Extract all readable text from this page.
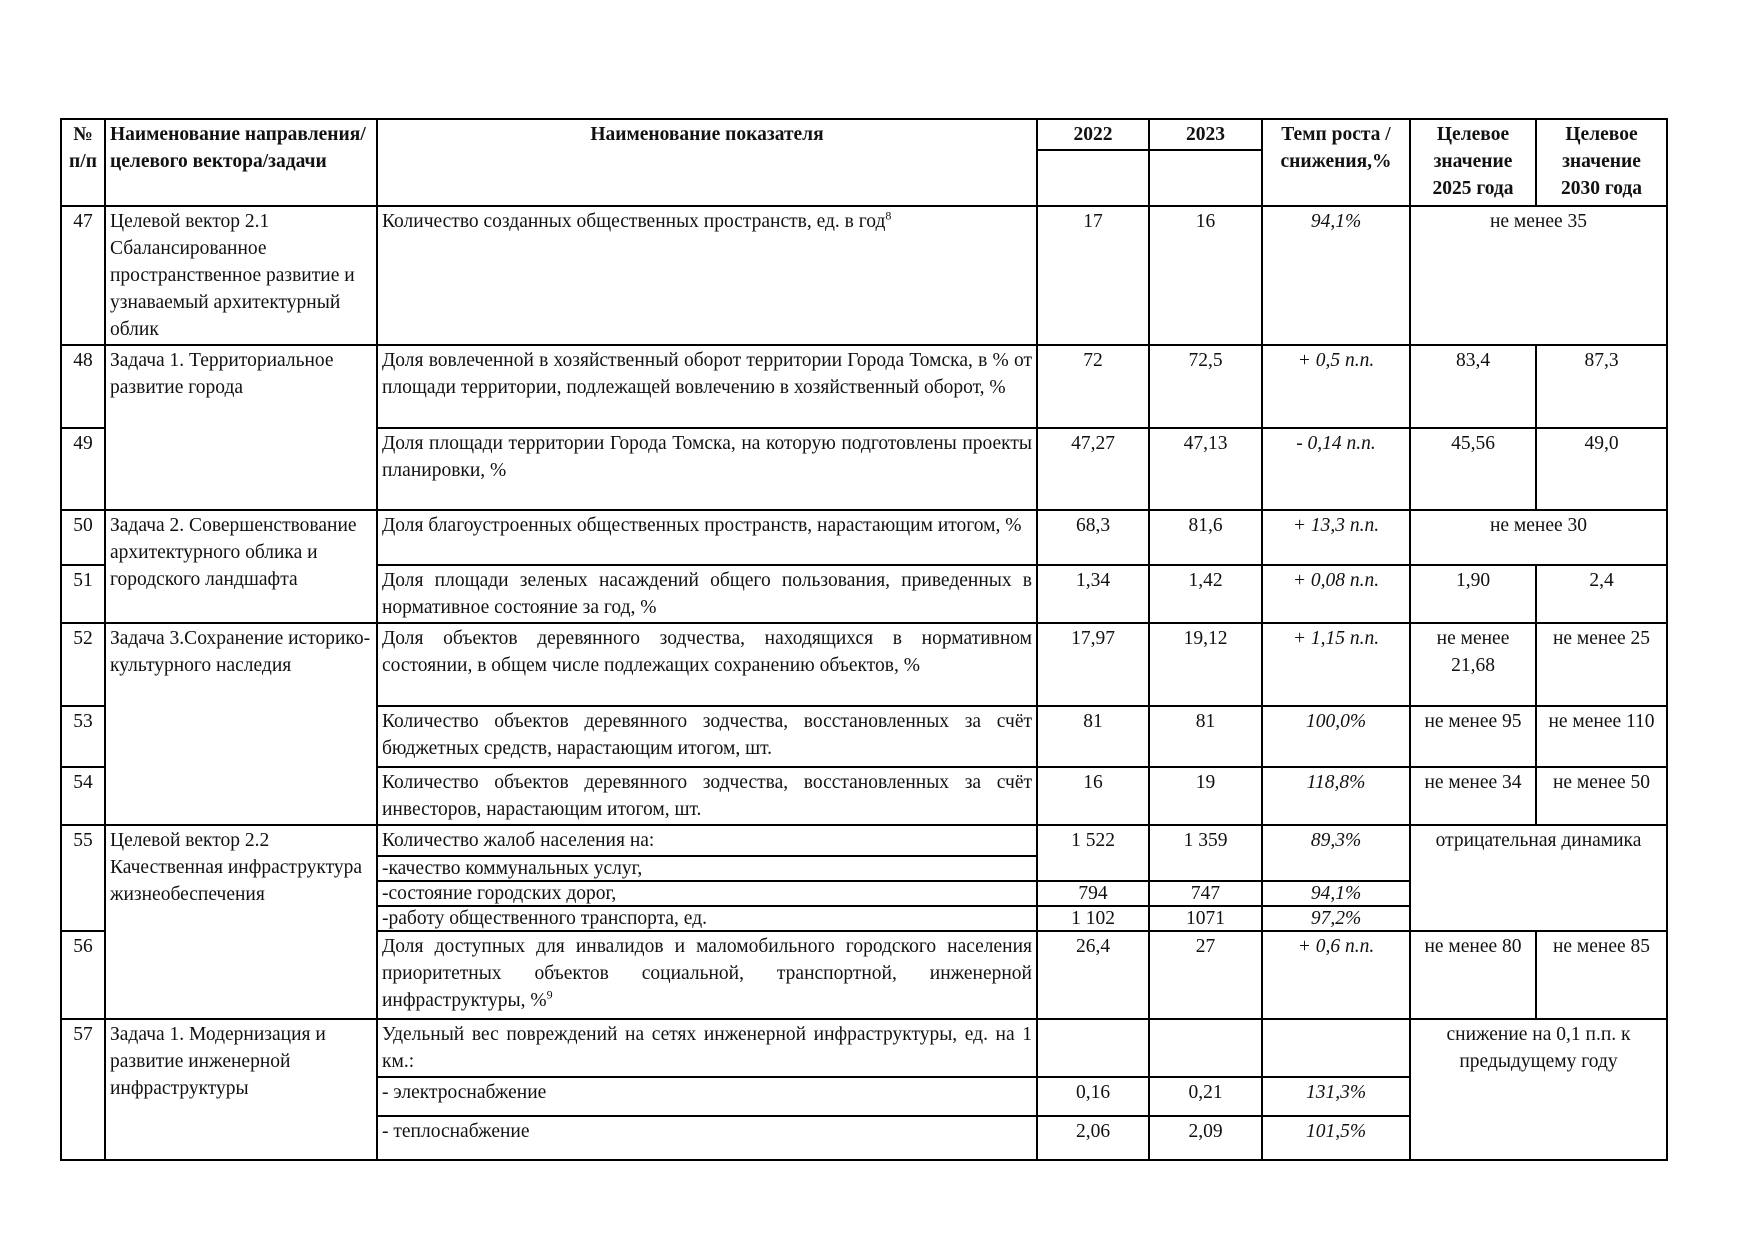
№ п/п	Наименование направления/целевого вектора/задачи	Наименование показателя	2022	2023	Темп роста / снижения,%	Целевое значение 2025 года	Целевое значение 2030 года

47	Целевой вектор 2.1 Сбалансированное пространственное развитие и узнаваемый архитектурный облик	Количество созданных общественных пространств, ед. в год$^8$	17	16	94,1%	не менее 35	
48	Задача 1. Территориальное развитие города	Доля вовлеченной в хозяйственный оборот территории Города Томска, в % от площади территории, подлежащей вовлечению в хозяйственный оборот, %	72	72,5	+ 0,5 п.п.	83,4	87,3
49		Доля площади территории Города Томска, на которую подготовлены проекты планировки, %	47,27	47,13	- 0,14 п.п.	45,56	49,0
50	Задача 2. Совершенствование архитектурного облика и городского ландшафта	Доля благоустроенных общественных пространств, нарастающим итогом, %	68,3	81,6	+ 13,3 п.п.	не менее 30	
51		Доля площади зеленых насаждений общего пользования, приведенных в нормативное состояние за год, %	1,34	1,42	+ 0,08 п.п.	1,90	2,4
52	Задача 3.Сохранение историко-культурного наследия	Доля объектов деревянного зодчества, находящихся в нормативном состоянии, в общем числе подлежащих сохранению объектов, %	17,97	19,12	+ 1,15 п.п.	не менее 21,68	не менее 25
53		Количество объектов деревянного зодчества, восстановленных за счёт бюджетных средств, нарастающим итогом, шт.	81	81	100,0%	не менее 95	не менее 110
54		Количество объектов деревянного зодчества, восстановленных за счёт инвесторов, нарастающим итогом, шт.	16	19	118,8%	не менее 34	не менее 50
55	Целевой вектор 2.2 Качественная инфраструктура жизнеобеспечения	Количество жалоб населения на:	1 522	1 359	89,3%	отрицательная динамика	
		-качество коммунальных услуг,					
		-состояние городских дорог,	794	747	94,1%		
		-работу общественного транспорта, ед.	1 102	1071	97,2%		
56		Доля доступных для инвалидов и маломобильного городского населения приоритетных объектов социальной, транспортной, инженерной инфраструктуры, %$^9$	26,4	27	+ 0,6 п.п.	не менее 80	не менее 85
57	Задача 1. Модернизация и развитие инженерной инфраструктуры	Удельный вес повреждений на сетях инженерной инфраструктуры, ед. на 1 км.:				снижение на 0,1 п.п. к предыдущему году	
		- электроснабжение	0,16	0,21	131,3%		
		- теплоснабжение	2,06	2,09	101,5%		
